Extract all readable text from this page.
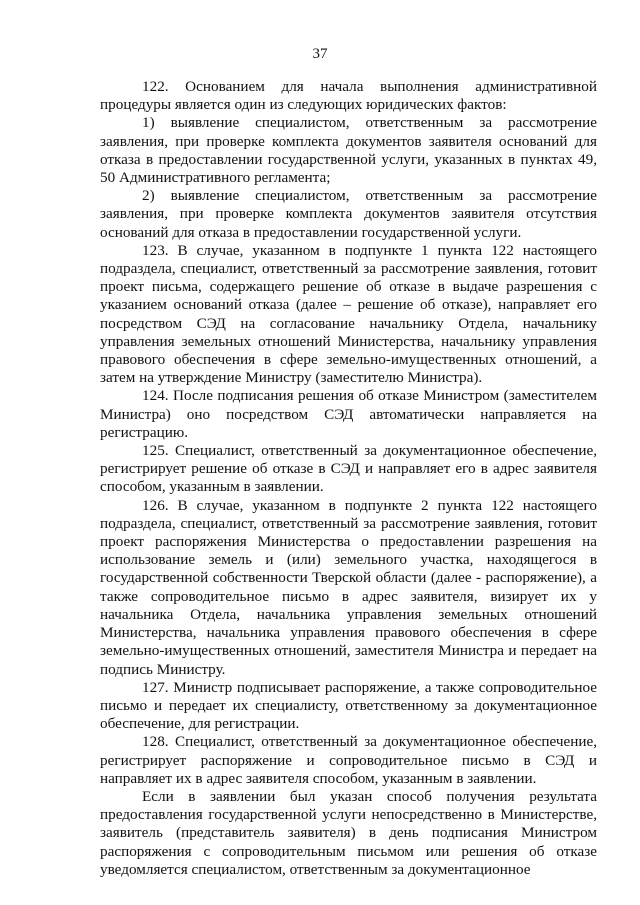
37

122. Основанием для начала выполнения административной процедуры является один из следующих юридических фактов:

1) выявление специалистом, ответственным за рассмотрение заявления, при проверке комплекта документов заявителя оснований для отказа в предоставлении государственной услуги, указанных в пунктах 49, 50 Административного регламента;

2) выявление специалистом, ответственным за рассмотрение заявления, при проверке комплекта документов заявителя отсутствия оснований для отказа в предоставлении государственной услуги.

123. В случае, указанном в подпункте 1 пункта 122 настоящего подраздела, специалист, ответственный за рассмотрение заявления, готовит проект письма, содержащего решение об отказе в выдаче разрешения с указанием оснований отказа (далее – решение об отказе), направляет его посредством СЭД на согласование начальнику Отдела, начальнику управления земельных отношений Министерства, начальнику управления правового обеспечения в сфере земельно-имущественных отношений, а затем на утверждение Министру (заместителю Министра).

124. После подписания решения об отказе Министром (заместителем Министра) оно посредством СЭД автоматически направляется на регистрацию.

125. Специалист, ответственный за документационное обеспечение, регистрирует решение об отказе в СЭД и направляет его в адрес заявителя способом, указанным в заявлении.

126. В случае, указанном в подпункте 2 пункта 122 настоящего подраздела, специалист, ответственный за рассмотрение заявления, готовит проект распоряжения Министерства о предоставлении разрешения на использование земель и (или) земельного участка, находящегося в государственной собственности Тверской области (далее - распоряжение), а также сопроводительное письмо в адрес заявителя, визирует их у начальника Отдела, начальника управления земельных отношений Министерства, начальника управления правового обеспечения в сфере земельно-имущественных отношений, заместителя Министра и передает на подпись Министру.

127. Министр подписывает распоряжение, а также сопроводительное письмо и передает их специалисту, ответственному за документационное обеспечение, для регистрации.

128. Специалист, ответственный за документационное обеспечение, регистрирует распоряжение и сопроводительное письмо в СЭД и направляет их в адрес заявителя способом, указанным в заявлении.

Если в заявлении был указан способ получения результата предоставления государственной услуги непосредственно в Министерстве, заявитель (представитель заявителя) в день подписания Министром распоряжения с сопроводительным письмом или решения об отказе уведомляется специалистом, ответственным за документационное
